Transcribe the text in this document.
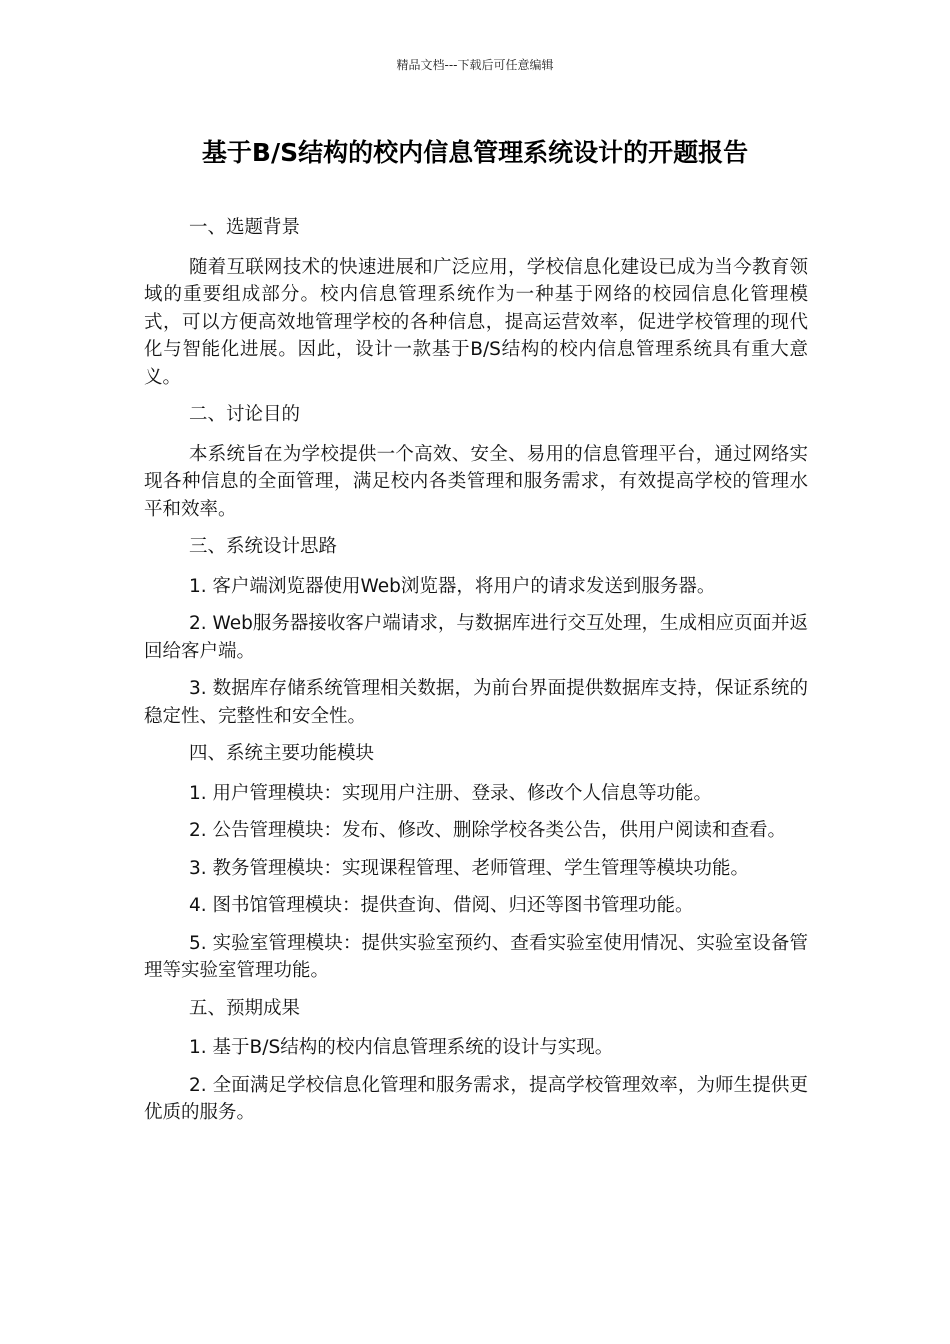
精品文档---下载后可任意编辑
基于B/S结构的校内信息管理系统设计的开题报告

一、选题背景

随着互联网技术的快速进展和广泛应用，学校信息化建设已成为当今教育领域的重要组成部分。校内信息管理系统作为一种基于网络的校园信息化管理模式，可以方便高效地管理学校的各种信息，提高运营效率，促进学校管理的现代化与智能化进展。因此，设计一款基于B/S结构的校内信息管理系统具有重大意义。

二、讨论目的

本系统旨在为学校提供一个高效、安全、易用的信息管理平台，通过网络实现各种信息的全面管理，满足校内各类管理和服务需求，有效提高学校的管理水平和效率。

三、系统设计思路

1. 客户端浏览器使用Web浏览器，将用户的请求发送到服务器。

2. Web服务器接收客户端请求，与数据库进行交互处理，生成相应页面并返回给客户端。

3. 数据库存储系统管理相关数据，为前台界面提供数据库支持，保证系统的稳定性、完整性和安全性。

四、系统主要功能模块

1. 用户管理模块：实现用户注册、登录、修改个人信息等功能。

2. 公告管理模块：发布、修改、删除学校各类公告，供用户阅读和查看。

3. 教务管理模块：实现课程管理、老师管理、学生管理等模块功能。

4. 图书馆管理模块：提供查询、借阅、归还等图书管理功能。

5. 实验室管理模块：提供实验室预约、查看实验室使用情况、实验室设备管理等实验室管理功能。

五、预期成果

1. 基于B/S结构的校内信息管理系统的设计与实现。

2. 全面满足学校信息化管理和服务需求，提高学校管理效率，为师生提供更优质的服务。
